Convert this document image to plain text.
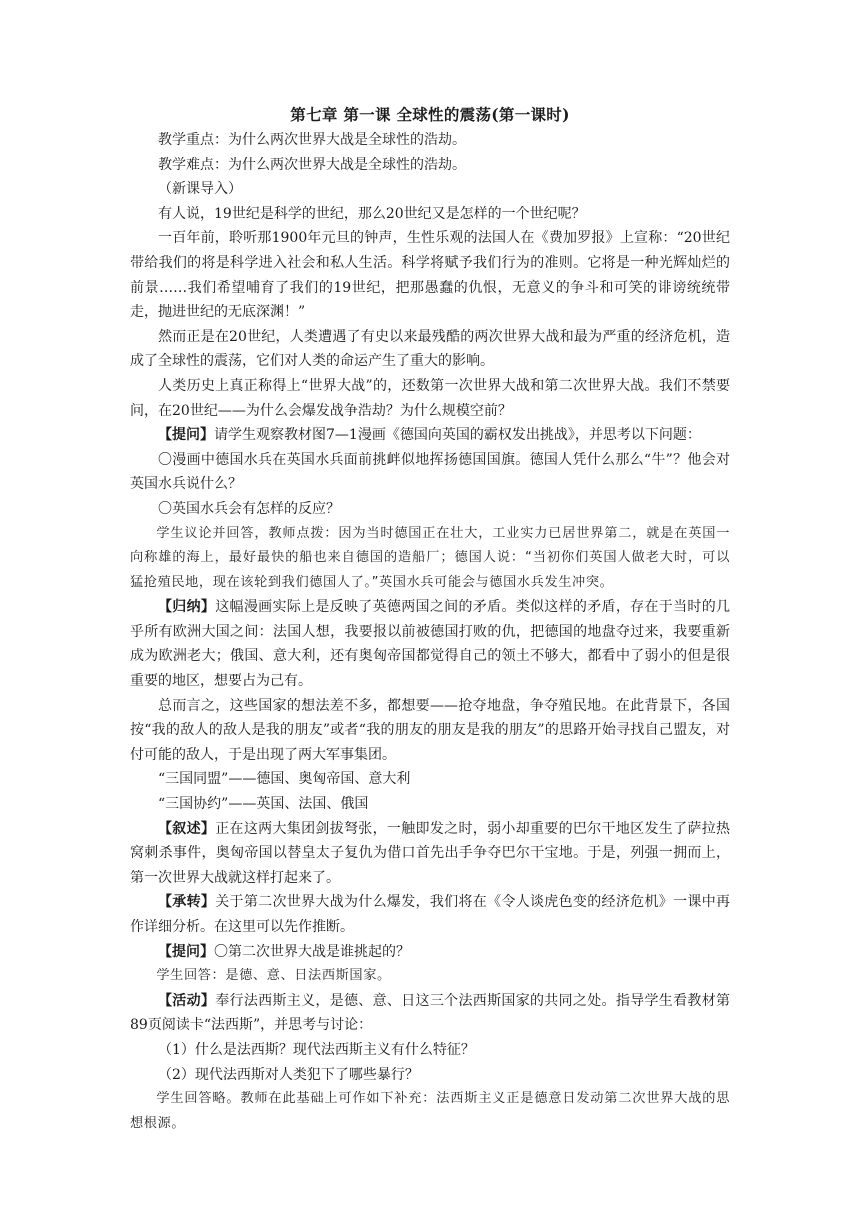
第七章 第一课 全球性的震荡(第一课时)

教学重点：为什么两次世界大战是全球性的浩劫。

教学难点：为什么两次世界大战是全球性的浩劫。

（新课导入）

有人说，19世纪是科学的世纪，那么20世纪又是怎样的一个世纪呢？

一百年前，聆听那1900年元旦的钟声，生性乐观的法国人在《费加罗报》上宣称：“20世纪带给我们的将是科学进入社会和私人生活。科学将赋予我们行为的准则。它将是一种光辉灿烂的前景……我们希望哺育了我们的19世纪，把那愚蠢的仇恨，无意义的争斗和可笑的诽谤统统带走，抛进世纪的无底深渊！”

然而正是在20世纪，人类遭遇了有史以来最残酷的两次世界大战和最为严重的经济危机，造成了全球性的震荡，它们对人类的命运产生了重大的影响。

人类历史上真正称得上“世界大战”的，还数第一次世界大战和第二次世界大战。我们不禁要问，在20世纪——为什么会爆发战争浩劫？为什么规模空前？

【提问】请学生观察教材图7—1漫画《德国向英国的霸权发出挑战》，并思考以下问题：

〇漫画中德国水兵在英国水兵面前挑衅似地挥扬德国国旗。德国人凭什么那么“牛”？他会对英国水兵说什么？

〇英国水兵会有怎样的反应？

学生议论并回答，教师点拨：因为当时德国正在壮大，工业实力已居世界第二，就是在英国一向称雄的海上，最好最快的船也来自德国的造船厂；德国人说：“当初你们英国人做老大时，可以猛抢殖民地，现在该轮到我们德国人了。”英国水兵可能会与德国水兵发生冲突。

【归纳】这幅漫画实际上是反映了英德两国之间的矛盾。类似这样的矛盾，存在于当时的几乎所有欧洲大国之间：法国人想，我要报以前被德国打败的仇，把德国的地盘夺过来，我要重新成为欧洲老大；俄国、意大利，还有奥匈帝国都觉得自己的领土不够大，都看中了弱小的但是很重要的地区，想要占为己有。

总而言之，这些国家的想法差不多，都想要——抢夺地盘，争夺殖民地。在此背景下，各国按“我的敌人的敌人是我的朋友”或者“我的朋友的朋友是我的朋友”的思路开始寻找自己盟友，对付可能的敌人，于是出现了两大军事集团。

“三国同盟”——德国、奥匈帝国、意大利

“三国协约”——英国、法国、俄国

【叙述】正在这两大集团剑拔弩张，一触即发之时，弱小却重要的巴尔干地区发生了萨拉热窝刺杀事件，奥匈帝国以替皇太子复仇为借口首先出手争夺巴尔干宝地。于是，列强一拥而上，第一次世界大战就这样打起来了。

【承转】关于第二次世界大战为什么爆发，我们将在《令人谈虎色变的经济危机》一课中再作详细分析。在这里可以先作推断。

【提问】〇第二次世界大战是谁挑起的？

学生回答：是德、意、日法西斯国家。

【活动】奉行法西斯主义，是德、意、日这三个法西斯国家的共同之处。指导学生看教材第89页阅读卡“法西斯”，并思考与讨论：

（1）什么是法西斯？现代法西斯主义有什么特征？

（2）现代法西斯对人类犯下了哪些暴行？

学生回答略。教师在此基础上可作如下补充：法西斯主义正是德意日发动第二次世界大战的思想根源。
